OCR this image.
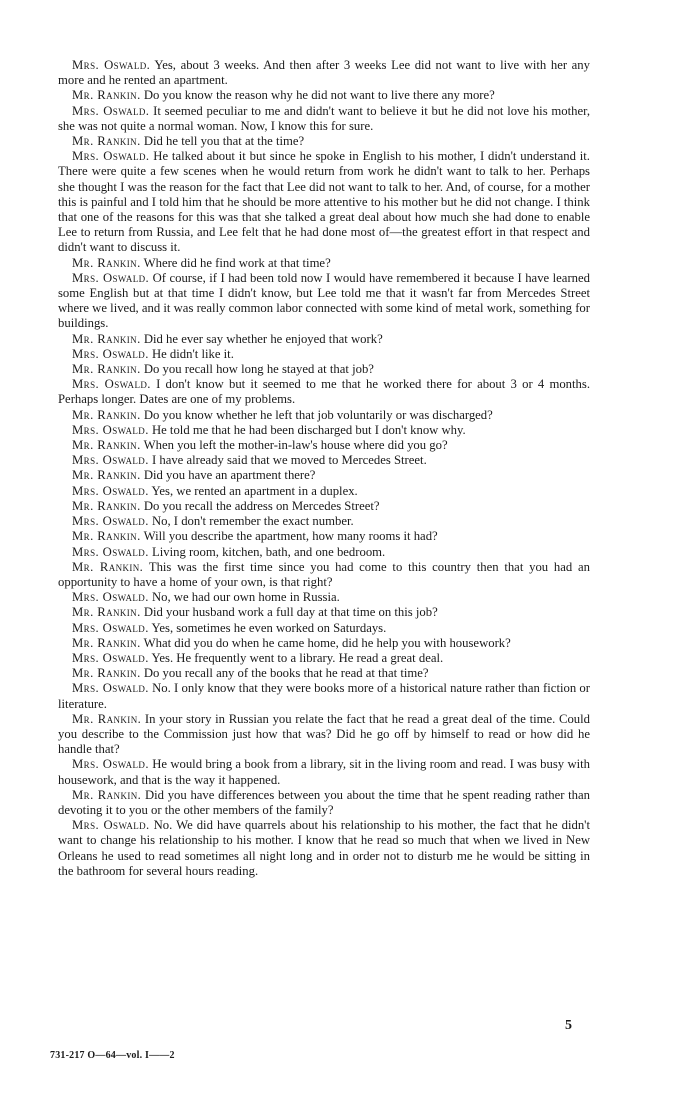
Mrs. Oswald. Yes, about 3 weeks. And then after 3 weeks Lee did not want to live with her any more and he rented an apartment.

Mr. Rankin. Do you know the reason why he did not want to live there any more?

Mrs. Oswald. It seemed peculiar to me and didn't want to believe it but he did not love his mother, she was not quite a normal woman. Now, I know this for sure.

Mr. Rankin. Did he tell you that at the time?

Mrs. Oswald. He talked about it but since he spoke in English to his mother, I didn't understand it. There were quite a few scenes when he would return from work he didn't want to talk to her. Perhaps she thought I was the reason for the fact that Lee did not want to talk to her. And, of course, for a mother this is painful and I told him that he should be more attentive to his mother but he did not change. I think that one of the reasons for this was that she talked a great deal about how much she had done to enable Lee to return from Russia, and Lee felt that he had done most of—the greatest effort in that respect and didn't want to discuss it.

Mr. Rankin. Where did he find work at that time?

Mrs. Oswald. Of course, if I had been told now I would have remembered it because I have learned some English but at that time I didn't know, but Lee told me that it wasn't far from Mercedes Street where we lived, and it was really common labor connected with some kind of metal work, something for buildings.

Mr. Rankin. Did he ever say whether he enjoyed that work?

Mrs. Oswald. He didn't like it.

Mr. Rankin. Do you recall how long he stayed at that job?

Mrs. Oswald. I don't know but it seemed to me that he worked there for about 3 or 4 months. Perhaps longer. Dates are one of my problems.

Mr. Rankin. Do you know whether he left that job voluntarily or was discharged?

Mrs. Oswald. He told me that he had been discharged but I don't know why.

Mr. Rankin. When you left the mother-in-law's house where did you go?

Mrs. Oswald. I have already said that we moved to Mercedes Street.

Mr. Rankin. Did you have an apartment there?

Mrs. Oswald. Yes, we rented an apartment in a duplex.

Mr. Rankin. Do you recall the address on Mercedes Street?

Mrs. Oswald. No, I don't remember the exact number.

Mr. Rankin. Will you describe the apartment, how many rooms it had?

Mrs. Oswald. Living room, kitchen, bath, and one bedroom.

Mr. Rankin. This was the first time since you had come to this country then that you had an opportunity to have a home of your own, is that right?

Mrs. Oswald. No, we had our own home in Russia.

Mr. Rankin. Did your husband work a full day at that time on this job?

Mrs. Oswald. Yes, sometimes he even worked on Saturdays.

Mr. Rankin. What did you do when he came home, did he help you with housework?

Mrs. Oswald. Yes. He frequently went to a library. He read a great deal.

Mr. Rankin. Do you recall any of the books that he read at that time?

Mrs. Oswald. No. I only know that they were books more of a historical nature rather than fiction or literature.

Mr. Rankin. In your story in Russian you relate the fact that he read a great deal of the time. Could you describe to the Commission just how that was? Did he go off by himself to read or how did he handle that?

Mrs. Oswald. He would bring a book from a library, sit in the living room and read. I was busy with housework, and that is the way it happened.

Mr. Rankin. Did you have differences between you about the time that he spent reading rather than devoting it to you or the other members of the family?

Mrs. Oswald. No. We did have quarrels about his relationship to his mother, the fact that he didn't want to change his relationship to his mother. I know that he read so much that when we lived in New Orleans he used to read sometimes all night long and in order not to disturb me he would be sitting in the bathroom for several hours reading.

5
731-217 O—64—vol. I——2
